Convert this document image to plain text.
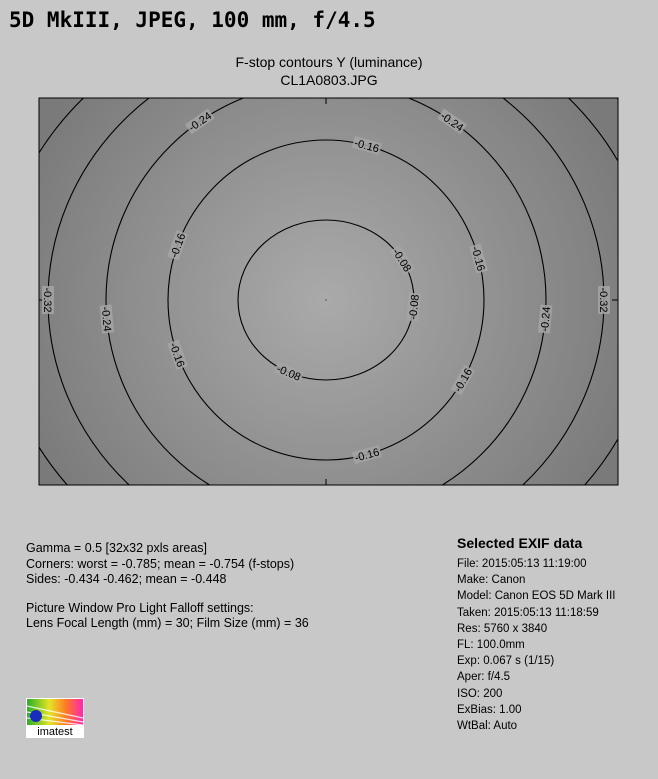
5D MkIII, JPEG, 100 mm, f/4.5
F-stop contours Y (luminance)
CL1A0803.JPG
-0.08
-0.08
-0.08
-0.16
-0.16
-0.16
-0.16
-0.16
-0.16
-0.24	-0.24
-0.24	-0.24
-0.32	-0.32
Gamma = 0.5 [32x32 pxls areas]
Corners: worst = -0.785; mean = -0.754 (f-stops)
Sides: -0.434 -0.462; mean = -0.448
Picture Window Pro Light Falloff settings:
Lens Focal Length (mm) = 30; Film Size (mm) = 36
Selected EXIF data
File: 2015:05:13 11:19:00
Make: Canon
Model: Canon EOS 5D Mark III
Taken: 2015:05:13 11:18:59
Res: 5760 x 3840
FL: 100.0mm
Exp: 0.067 s (1/15)
Aper: f/4.5
ISO: 200
ExBias: 1.00
WtBal: Auto
imatest
